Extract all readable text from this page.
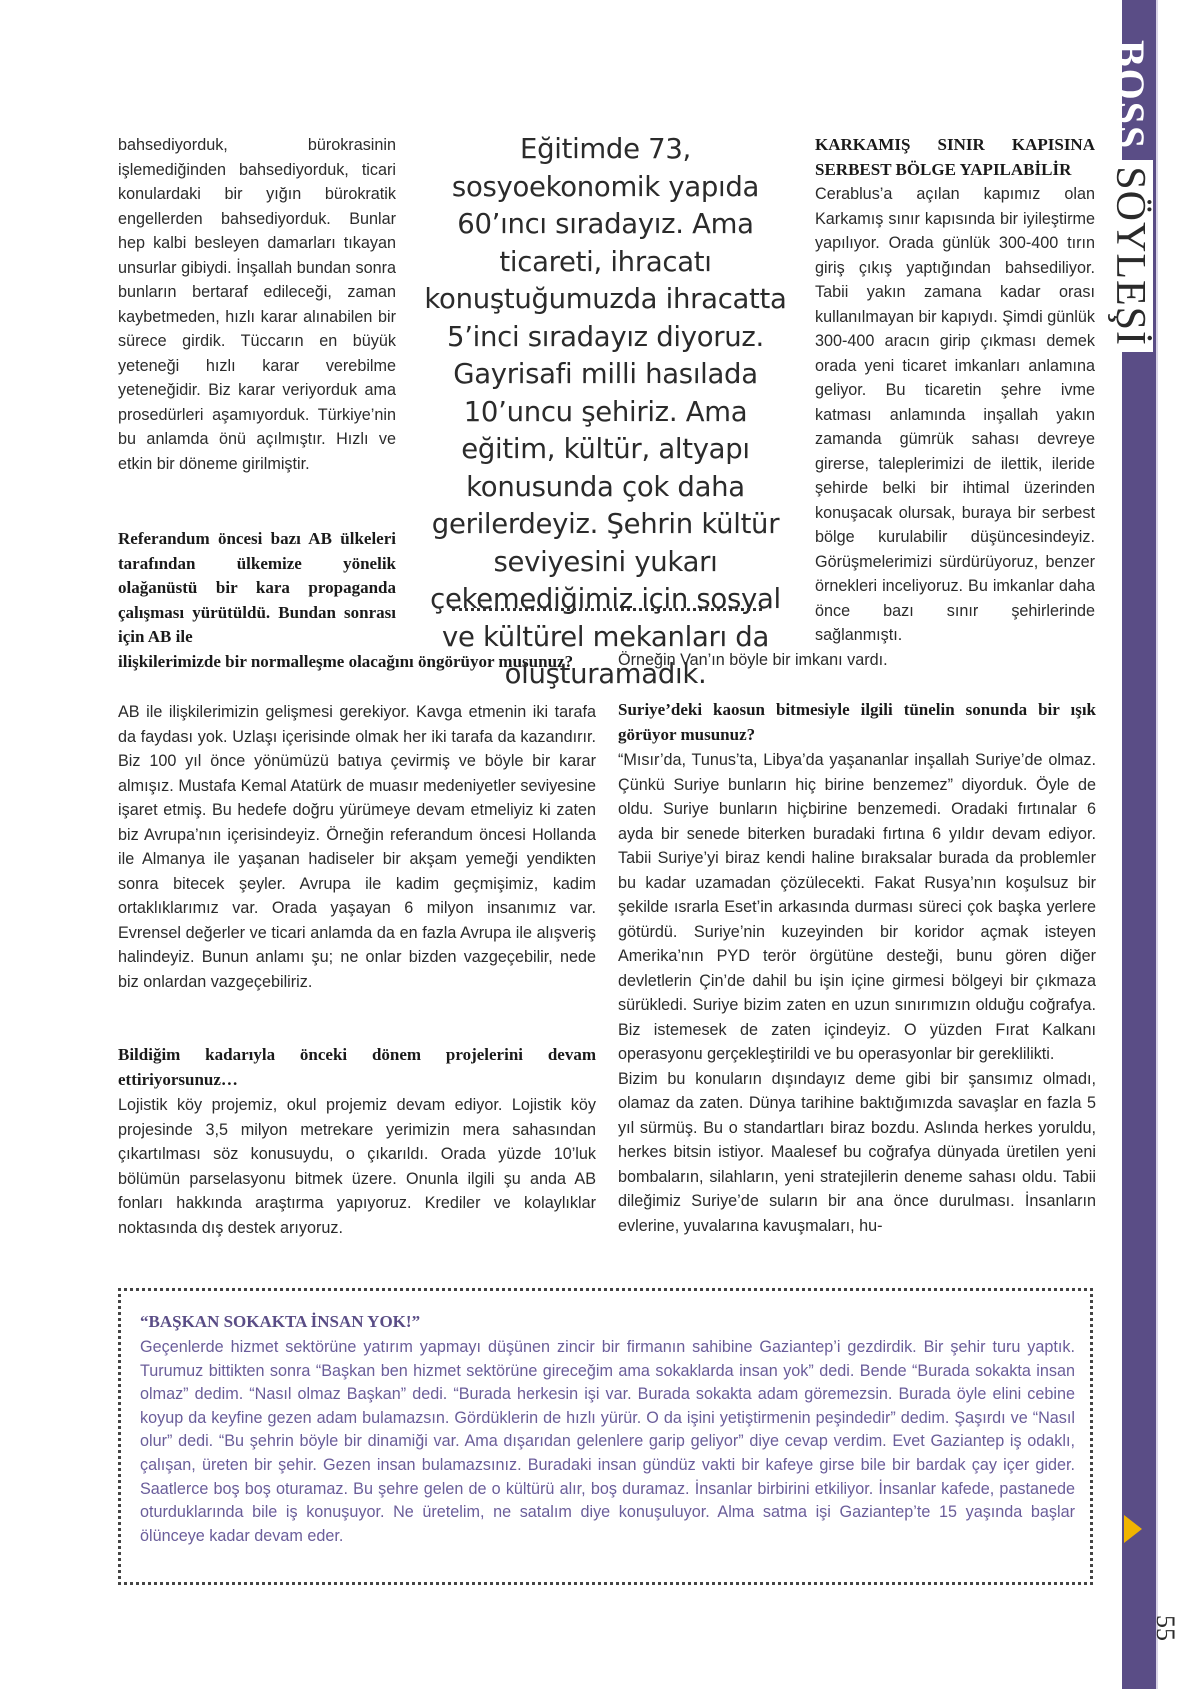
BOSSSÖYLEŞİ
55

bahsediyorduk, bürokrasinin işlemediğinden bahsediyorduk, ticari konulardaki bir yığın bürokratik engellerden bahsediyorduk. Bunlar hep kalbi besleyen damarları tıkayan unsurlar gibiydi. İnşallah bundan sonra bunların bertaraf edileceği, zaman kaybetmeden, hızlı karar alınabilen bir sürece girdik. Tüccarın en büyük yeteneği hızlı karar verebilme yeteneğidir. Biz karar veriyorduk ama prosedürleri aşamıyorduk. Türkiye’nin bu anlamda önü açılmıştır. Hızlı ve etkin bir döneme girilmiştir.

Referandum öncesi bazı AB ülkeleri tarafından ülkemize yönelik olağanüstü bir kara propaganda çalışması yürütüldü. Bundan sonrası için AB ile
ilişkilerimizde bir normalleşme olacağını öngörüyor musunuz?
Eğitimde 73, sosyoekonomik yapıda 60’ıncı sıradayız. Ama ticareti, ihracatı konuştuğumuzda ihracatta 5’inci sıradayız diyoruz. Gayrisafi milli hasılada 10’uncu şehiriz. Ama eğitim, kültür, altyapı konusunda çok daha gerilerdeyiz. Şehrin kültür seviyesini yukarı çekemediğimiz için sosyal ve kültürel mekanları da oluşturamadık.
AB ile ilişkilerimizin gelişmesi gerekiyor. Kavga etmenin iki tarafa da faydası yok. Uzlaşı içerisinde olmak her iki tarafa da kazandırır. Biz 100 yıl önce yönümüzü batıya çevirmiş ve böyle bir karar almışız. Mustafa Kemal Atatürk de muasır medeniyetler seviyesine işaret etmiş. Bu hedefe doğru yürümeye devam etmeliyiz ki zaten biz Avrupa’nın içerisindeyiz. Örneğin referandum öncesi Hollanda ile Almanya ile yaşanan hadiseler bir akşam yemeği yendikten sonra bitecek şeyler. Avrupa ile kadim geçmişimiz, kadim ortaklıklarımız var. Orada yaşayan 6 milyon insanımız var. Evrensel değerler ve ticari anlamda da en fazla Avrupa ile alışveriş halindeyiz. Bunun anlamı şu; ne onlar bizden vazgeçebilir, nede biz onlardan vazgeçebiliriz.
Bildiğim kadarıyla önceki dönem projelerini devam ettiriyorsunuz…
Lojistik köy projemiz, okul projemiz devam ediyor. Lojistik köy projesinde 3,5 milyon metrekare yerimizin mera sahasından çıkartılması söz konusuydu, o çıkarıldı. Orada yüzde 10’luk bölümün parselasyonu bitmek üzere. Onunla ilgili şu anda AB fonları hakkında araştırma yapıyoruz. Krediler ve kolaylıklar noktasında dış destek arıyoruz.
KARKAMIŞ SINIR KAPISINA SERBEST BÖLGE YAPILABİLİR
Cerablus’a açılan kapımız olan Karkamış sınır kapısında bir iyileştirme yapılıyor. Orada günlük 300-400 tırın giriş çıkış yaptığından bahsediliyor. Tabii yakın zamana kadar orası kullanılmayan bir kapıydı. Şimdi günlük 300-400 aracın girip çıkması demek orada yeni ticaret imkanları anlamına geliyor. Bu ticaretin şehre ivme katması anlamında inşallah yakın zamanda gümrük sahası devreye girerse, taleplerimizi de ilettik, ileride şehirde belki bir ihtimal üzerinden konuşacak olursak, buraya bir serbest bölge kurulabilir düşüncesindeyiz. Görüşmelerimizi sürdürüyoruz, benzer örnekleri inceliyoruz. Bu imkanlar daha önce bazı sınır şehirlerinde sağlanmıştı.
Örneğin Van’ın böyle bir imkanı vardı.
Suriye’deki kaosun bitmesiyle ilgili tünelin sonunda bir ışık görüyor musunuz?

“Mısır’da, Tunus’ta, Libya’da yaşananlar inşallah Suriye’de olmaz. Çünkü Suriye bunların hiç birine benzemez” diyorduk. Öyle de oldu. Suriye bunların hiçbirine benzemedi. Oradaki fırtınalar 6 ayda bir senede biterken buradaki fırtına 6 yıldır devam ediyor. Tabii Suriye’yi biraz kendi haline bıraksalar burada da problemler bu kadar uzamadan çözülecekti. Fakat Rusya’nın koşulsuz bir şekilde ısrarla Eset’in arkasında durması süreci çok başka yerlere götürdü. Suriye’nin kuzeyinden bir koridor açmak isteyen Amerika’nın PYD terör örgütüne desteği, bunu gören diğer devletlerin Çin’de dahil bu işin içine girmesi bölgeyi bir çıkmaza sürükledi. Suriye bizim zaten en uzun sınırımızın olduğu coğrafya. Biz istemesek de zaten içindeyiz. O yüzden Fırat Kalkanı operasyonu gerçekleştirildi ve bu operasyonlar bir gereklilikti.

Bizim bu konuların dışındayız deme gibi bir şansımız olmadı, olamaz da zaten. Dünya tarihine baktığımızda savaşlar en fazla 5 yıl sürmüş. Bu o standartları biraz bozdu. Aslında herkes yoruldu, herkes bitsin istiyor. Maalesef bu coğrafya dünyada üretilen yeni bombaların, silahların, yeni stratejilerin deneme sahası oldu. Tabii dileğimiz Suriye’de suların bir ana önce durulması. İnsanların evlerine, yuvalarına kavuşmaları, hu-

“BAŞKAN SOKAKTA İNSAN YOK!”
Geçenlerde hizmet sektörüne yatırım yapmayı düşünen zincir bir firmanın sahibine Gaziantep’i gezdirdik. Bir şehir turu yaptık. Turumuz bittikten sonra “Başkan ben hizmet sektörüne gireceğim ama sokaklarda insan yok” dedi. Bende “Burada sokakta insan olmaz” dedim. “Nasıl olmaz Başkan” dedi. “Burada herkesin işi var. Burada sokakta adam göremezsin. Burada öyle elini cebine koyup da keyfine gezen adam bulamazsın. Gördüklerin de hızlı yürür. O da işini yetiştirmenin peşindedir” dedim. Şaşırdı ve “Nasıl olur” dedi. “Bu şehrin böyle bir dinamiği var. Ama dışarıdan gelenlere garip geliyor” diye cevap verdim. Evet Gaziantep iş odaklı, çalışan, üreten bir şehir. Gezen insan bulamazsınız. Buradaki insan gündüz vakti bir kafeye girse bile bir bardak çay içer gider. Saatlerce boş boş oturamaz. Bu şehre gelen de o kültürü alır, boş duramaz. İnsanlar birbirini etkiliyor. İnsanlar kafede, pastanede oturduklarında bile iş konuşuyor. Ne üretelim, ne satalım diye konuşuluyor. Alma satma işi Gaziantep’te 15 yaşında başlar ölünceye kadar devam eder.
